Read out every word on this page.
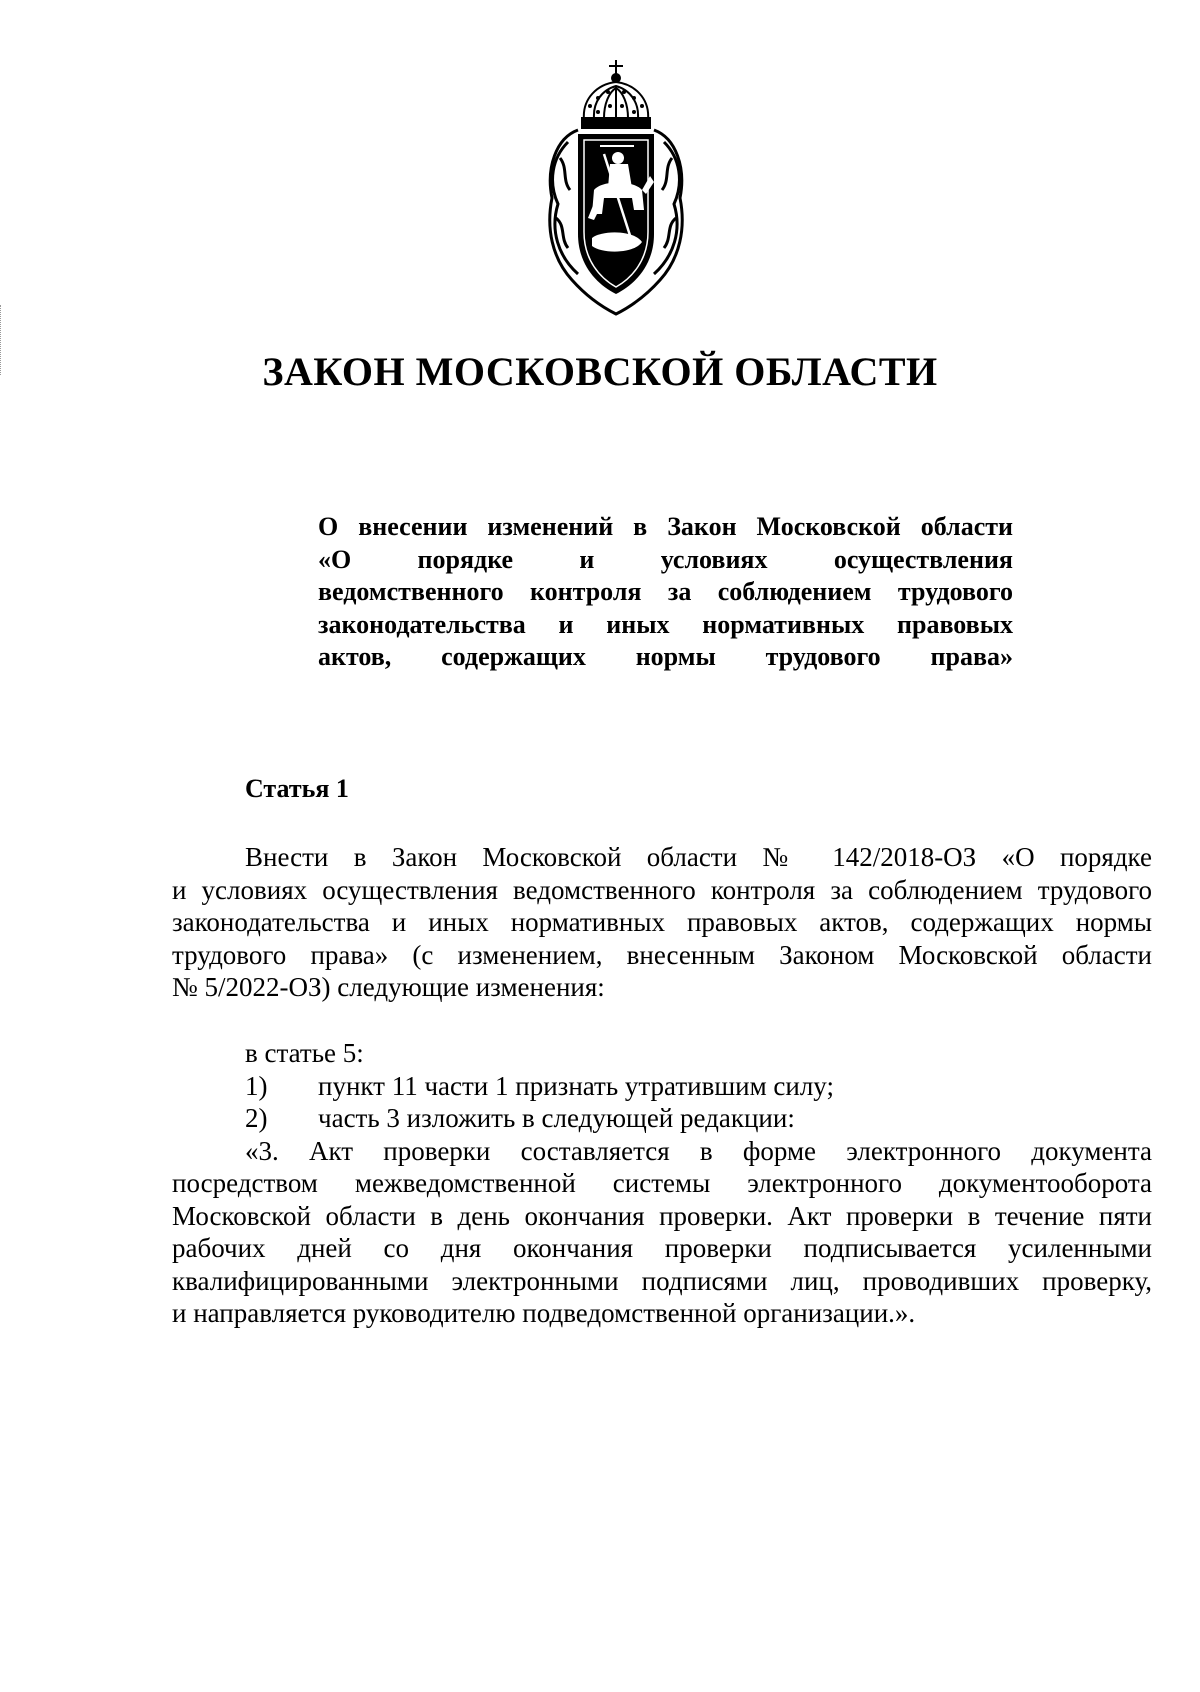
ЗАКОН МОСКОВСКОЙ ОБЛАСТИ
О внесении изменений в Закон Московской области
«О порядке и условиях осуществления
ведомственного контроля за соблюдением трудового
законодательства и иных нормативных правовых
актов, содержащих нормы трудового права»
Статья 1
Внести в Закон Московской области № 142/2018-ОЗ «О порядке
и условиях осуществления ведомственного контроля за соблюдением трудового
законодательства и иных нормативных правовых актов, содержащих нормы
трудового права» (с изменением, внесенным Законом Московской области
№ 5/2022-ОЗ) следующие изменения:
в статье 5:
1)	пункт 11 части 1 признать утратившим силу;
2)	часть 3 изложить в следующей редакции:
«3. Акт проверки составляется в форме электронного документа
посредством межведомственной системы электронного документооборота
Московской области в день окончания проверки. Акт проверки в течение пяти
рабочих дней со дня окончания проверки подписывается усиленными
квалифицированными электронными подписями лиц, проводивших проверку,
и направляется руководителю подведомственной организации.».
